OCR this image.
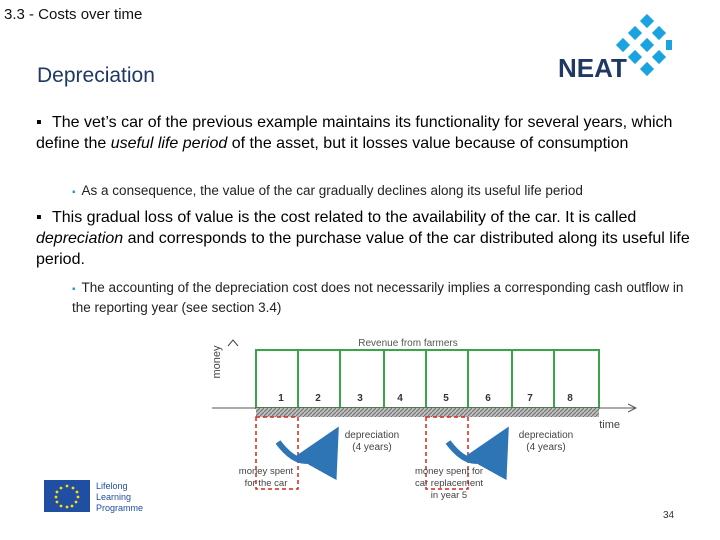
3.3 - Costs over time
NEAT
Depreciation
▪ The vet’s car of the previous example maintains its functionality for several years, which define the useful life period of the asset, but it losses value because of consumption
▪ As a consequence, the value of the car gradually declines along its useful life period
▪ This gradual loss of value is the cost related to the availability of the car. It is called depreciation and corresponds to the purchase value of the car distributed along its useful life period.
▪ The accounting of the depreciation cost does not necessarily implies a corresponding cash outflow in the reporting year (see section 3.4)
money
Revenue from farmers
1	2	3	4	5	6	7	8
time
depreciation
(4 years)
depreciation
(4 years)
money spent
for the car
money spent for
car replacement
in year 5
Lifelong
Learning
Programme
34
